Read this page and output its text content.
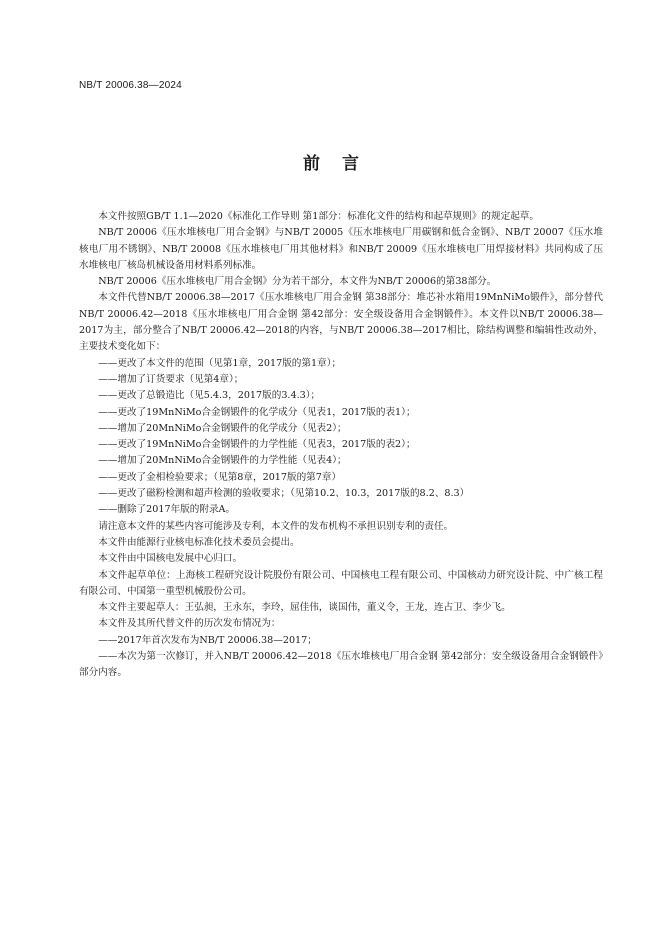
NB/T 20006.38—2024
前言

本文件按照GB/T 1.1—2020《标准化工作导则 第1部分：标准化文件的结构和起草规则》的规定起草。

NB/T 20006《压水堆核电厂用合金钢》与NB/T 20005《压水堆核电厂用碳钢和低合金钢》、NB/T 20007《压水堆核电厂用不锈钢》、NB/T 20008《压水堆核电厂用其他材料》和NB/T 20009《压水堆核电厂用焊接材料》共同构成了压水堆核电厂核岛机械设备用材料系列标准。

NB/T 20006《压水堆核电厂用合金钢》分为若干部分，本文件为NB/T 20006的第38部分。

本文件代替NB/T 20006.38—2017《压水堆核电厂用合金钢 第38部分：堆芯补水箱用19MnNiMo锻件》，部分替代NB/T 20006.42—2018《压水堆核电厂用合金钢 第42部分：安全级设备用合金钢锻件》。本文件以NB/T 20006.38—2017为主，部分整合了NB/T 20006.42—2018的内容，与NB/T 20006.38—2017相比，除结构调整和编辑性改动外，主要技术变化如下：

——更改了本文件的范围（见第1章，2017版的第1章）；

——增加了订货要求（见第4章）；

——更改了总锻造比（见5.4.3，2017版的3.4.3）；

——更改了19MnNiMo合金钢锻件的化学成分（见表1，2017版的表1）；

——增加了20MnNiMo合金钢锻件的化学成分（见表2）；

——更改了19MnNiMo合金钢锻件的力学性能（见表3，2017版的表2）；

——增加了20MnNiMo合金钢锻件的力学性能（见表4）；

——更改了金相检验要求；（见第8章，2017版的第7章）

——更改了磁粉检测和超声检测的验收要求；（见第10.2、10.3，2017版的8.2、8.3）

——删除了2017年版的附录A。

请注意本文件的某些内容可能涉及专利，本文件的发布机构不承担识别专利的责任。

本文件由能源行业核电标准化技术委员会提出。

本文件由中国核电发展中心归口。

本文件起草单位：上海核工程研究设计院股份有限公司、中国核电工程有限公司、中国核动力研究设计院、中广核工程有限公司、中国第一重型机械股份公司。

本文件主要起草人：王弘昶，王永东，李玲，屈佳伟，谈国伟，董义令，王龙，连占卫、李少飞。

本文件及其所代替文件的历次发布情况为：

——2017年首次发布为NB/T 20006.38—2017；

——本次为第一次修订，并入NB/T 20006.42—2018《压水堆核电厂用合金钢 第42部分：安全级设备用合金钢锻件》部分内容。
